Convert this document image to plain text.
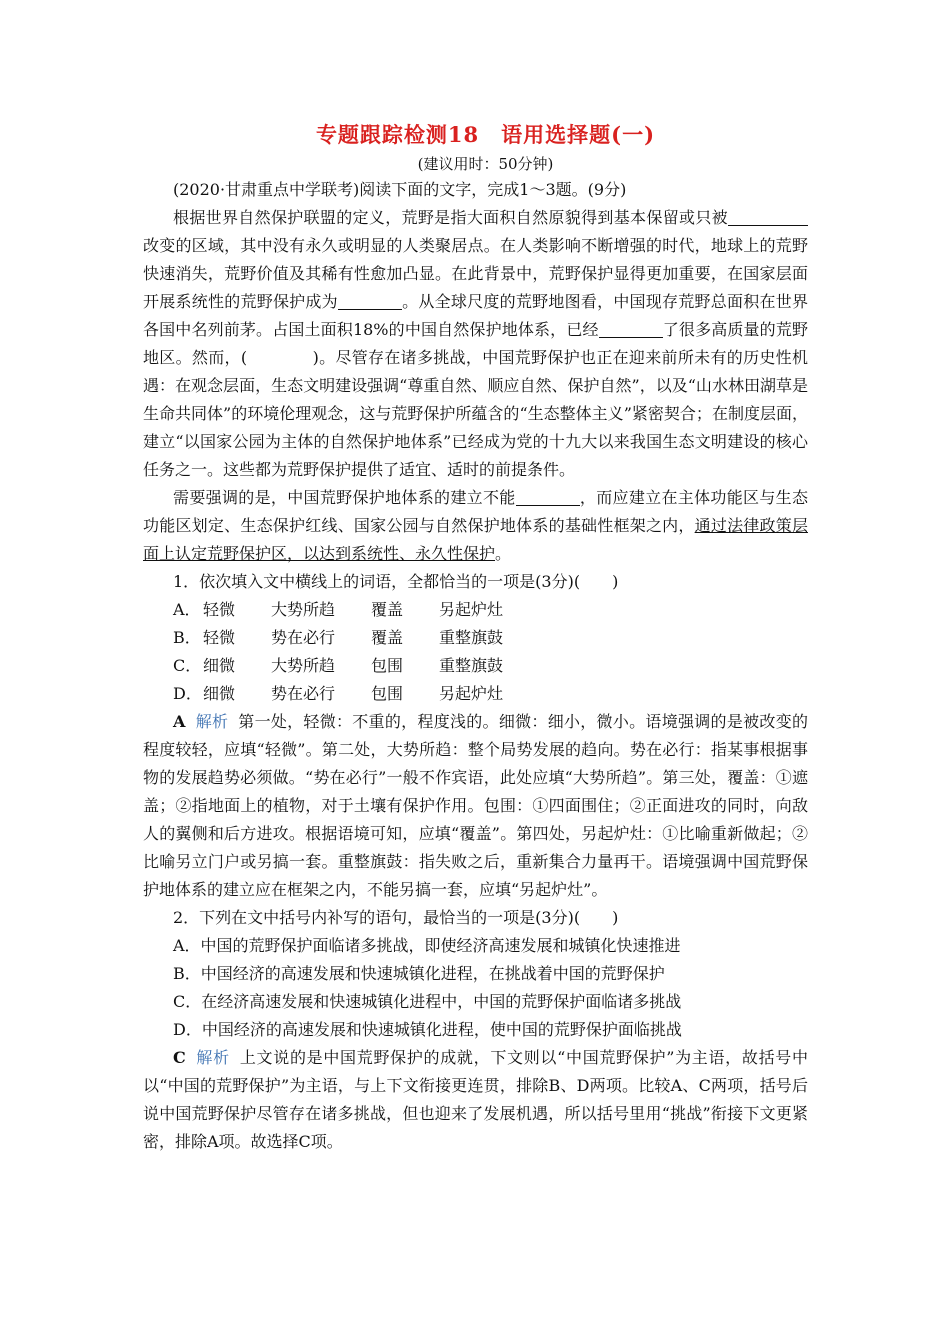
专题跟踪检测18　语用选择题(一)
(建议用时：50分钟)

(2020·甘肃重点中学联考)阅读下面的文字，完成1～3题。(9分)

根据世界自然保护联盟的定义，荒野是指大面积自然原貌得到基本保留或只被改变的区域，其中没有永久或明显的人类聚居点。在人类影响不断增强的时代，地球上的荒野快速消失，荒野价值及其稀有性愈加凸显。在此背景中，荒野保护显得更加重要，在国家层面开展系统性的荒野保护成为	。从全球尺度的荒野地图看，中国现存荒野总面积在世界各国中名列前茅。占国土面积18%的中国自然保护地体系，已经	了很多高质量的荒野地区。然而，(　　　　)。尽管存在诸多挑战，中国荒野保护也正在迎来前所未有的历史性机遇：在观念层面，生态文明建设强调“尊重自然、顺应自然、保护自然”，以及“山水林田湖草是生命共同体”的环境伦理观念，这与荒野保护所蕴含的“生态整体主义”紧密契合；在制度层面，建立“以国家公园为主体的自然保护地体系”已经成为党的十九大以来我国生态文明建设的核心任务之一。这些都为荒野保护提供了适宜、适时的前提条件。

需要强调的是，中国荒野保护地体系的建立不能	，而应建立在主体功能区与生态功能区划定、生态保护红线、国家公园与自然保护地体系的基础性框架之内，通过法律政策层面上认定荒野保护区，以达到系统性、永久性保护。

1．依次填入文中横线上的词语，全都恰当的一项是(3分)(　　)
A． 轻微	大势所趋	覆盖	另起炉灶
B． 轻微	势在必行	覆盖	重整旗鼓
C． 细微	大势所趋	包围	重整旗鼓
D． 细微	势在必行	包围	另起炉灶

A 解析 第一处，轻微：不重的，程度浅的。细微：细小，微小。语境强调的是被改变的程度较轻，应填“轻微”。第二处，大势所趋：整个局势发展的趋向。势在必行：指某事根据事物的发展趋势必须做。“势在必行”一般不作宾语，此处应填“大势所趋”。第三处，覆盖：①遮盖；②指地面上的植物，对于土壤有保护作用。包围：①四面围住；②正面进攻的同时，向敌人的翼侧和后方进攻。根据语境可知，应填“覆盖”。第四处，另起炉灶：①比喻重新做起；②比喻另立门户或另搞一套。重整旗鼓：指失败之后，重新集合力量再干。语境强调中国荒野保护地体系的建立应在框架之内，不能另搞一套，应填“另起炉灶”。

2．下列在文中括号内补写的语句，最恰当的一项是(3分)(　　)
A．中国的荒野保护面临诸多挑战，即使经济高速发展和城镇化快速推进
B．中国经济的高速发展和快速城镇化进程，在挑战着中国的荒野保护
C．在经济高速发展和快速城镇化进程中，中国的荒野保护面临诸多挑战
D．中国经济的高速发展和快速城镇化进程，使中国的荒野保护面临挑战

C 解析 上文说的是中国荒野保护的成就，下文则以“中国荒野保护”为主语，故括号中以“中国的荒野保护”为主语，与上下文衔接更连贯，排除B、D两项。比较A、C两项，括号后说中国荒野保护尽管存在诸多挑战，但也迎来了发展机遇，所以括号里用“挑战”衔接下文更紧密，排除A项。故选择C项。
